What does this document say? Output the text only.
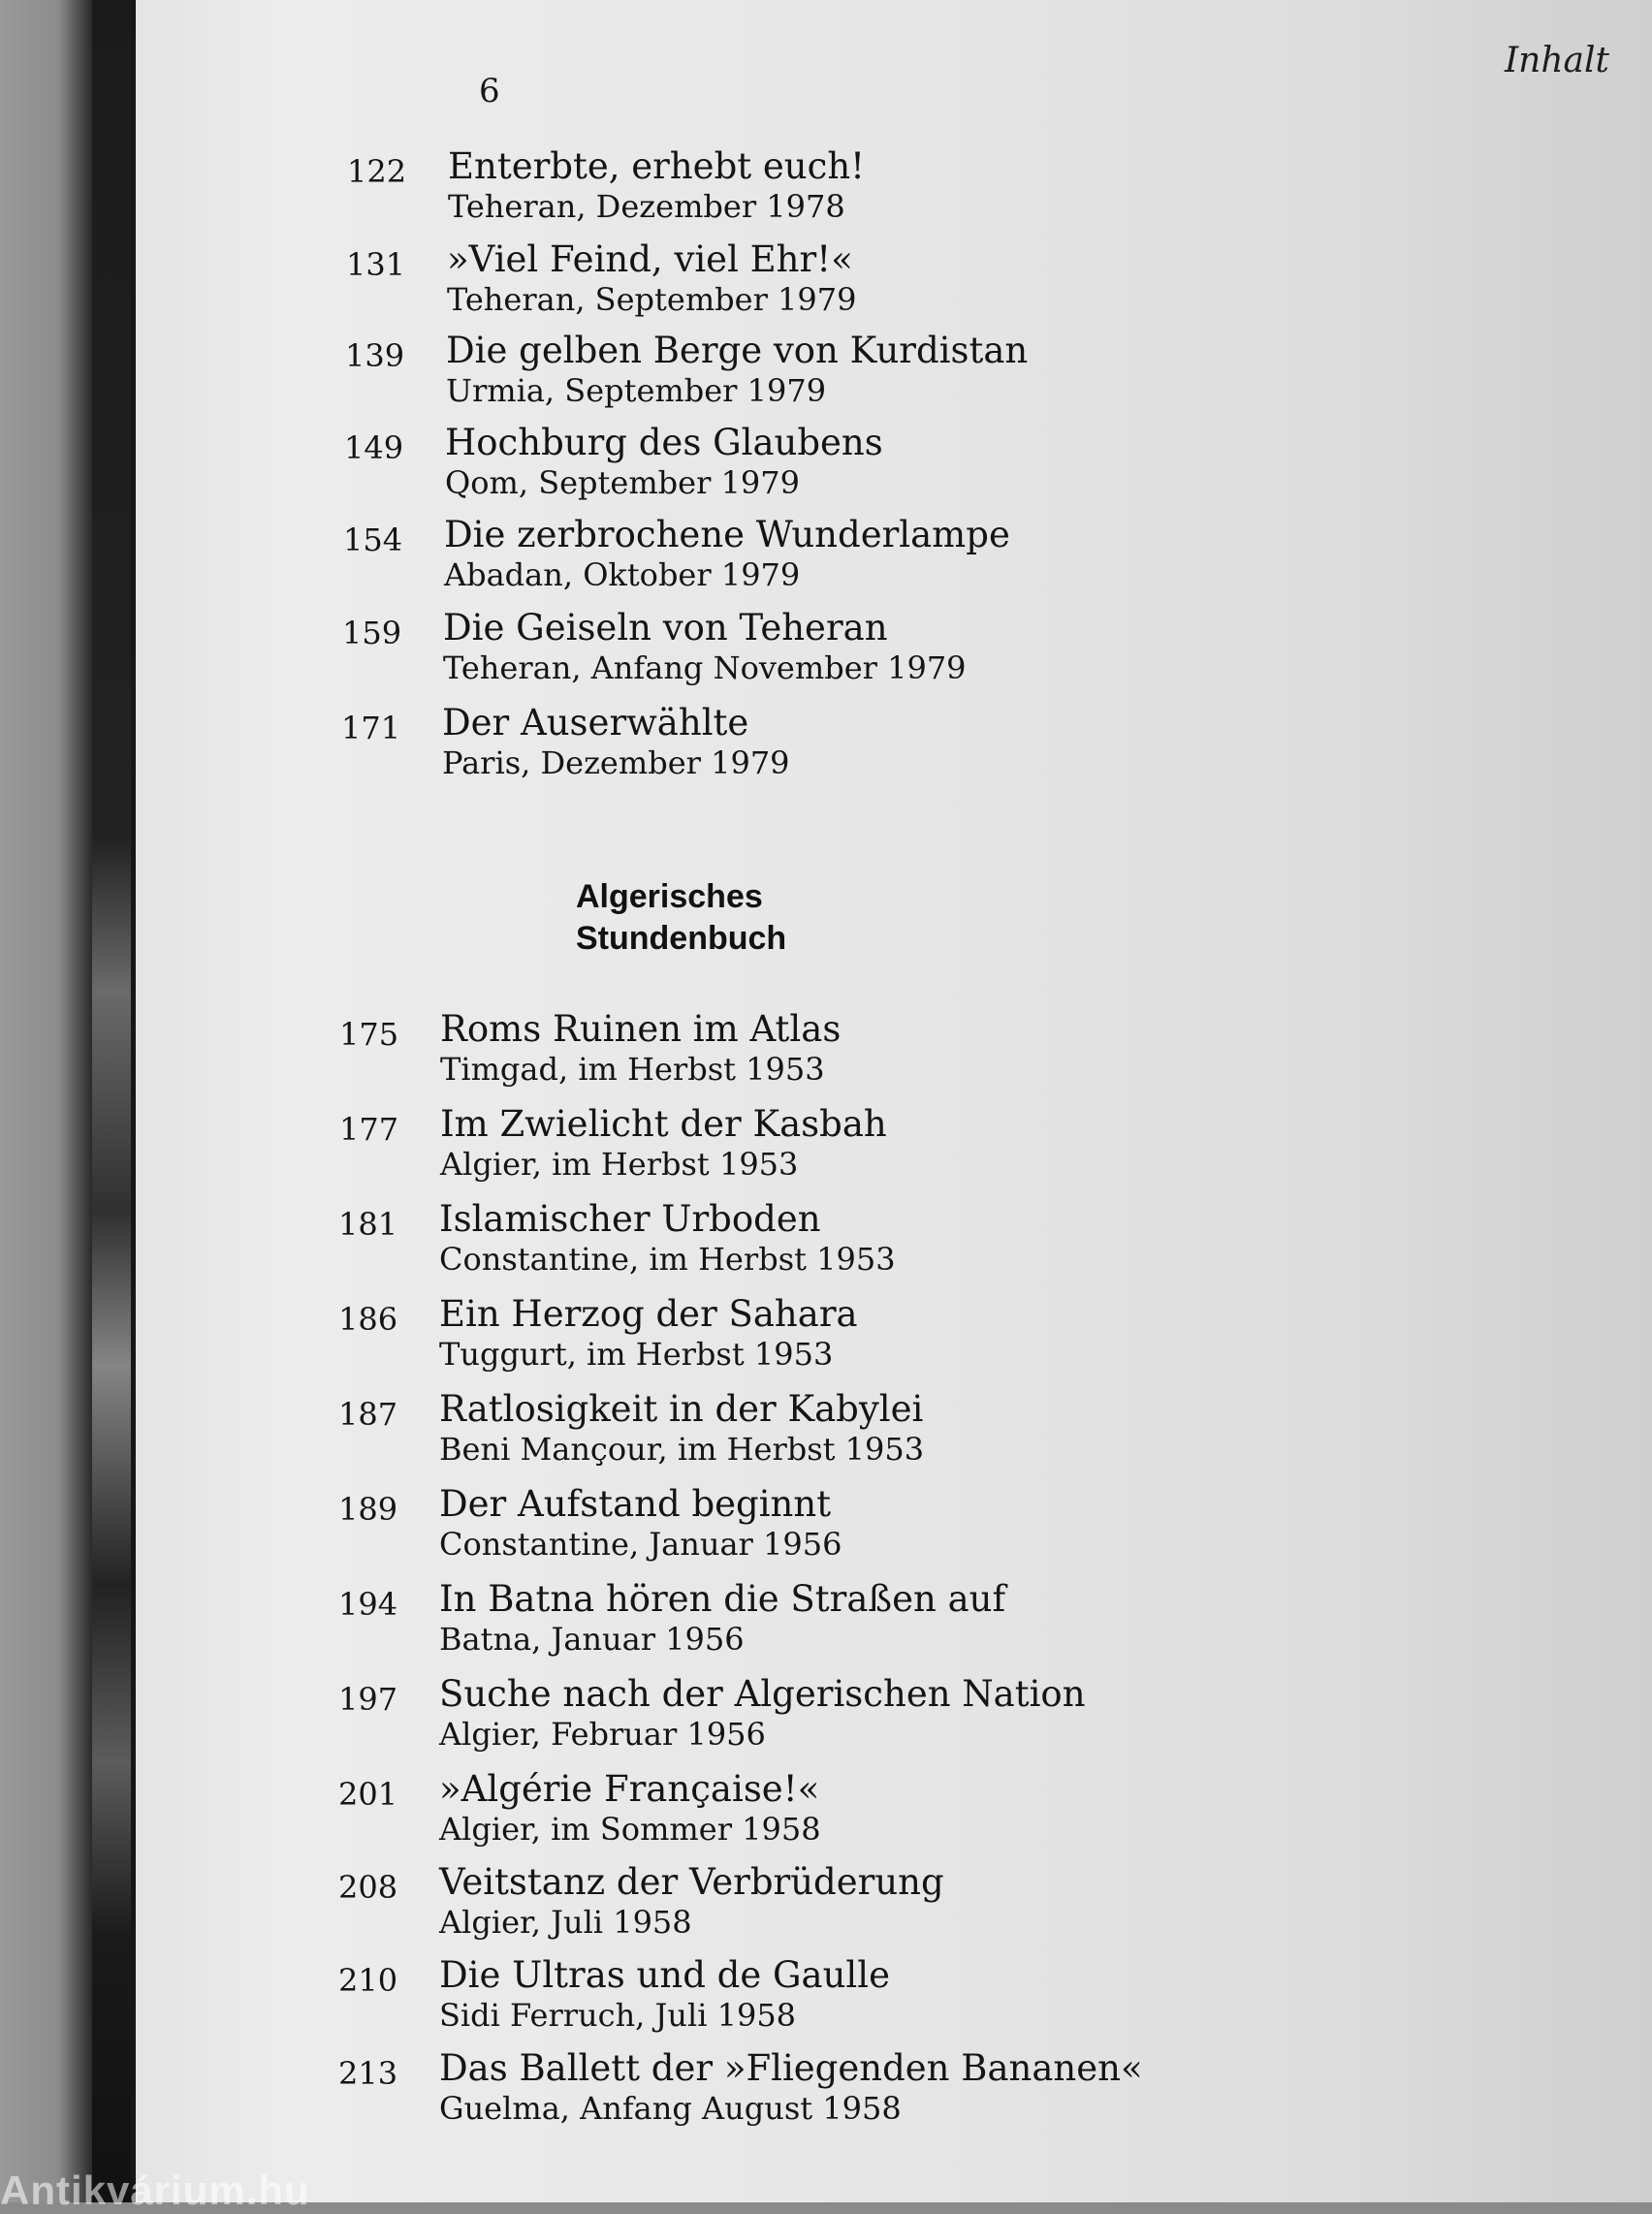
6
Inhalt
122 Enterbte, erhebt euch!
Teheran, Dezember 1978
131 »Viel Feind, viel Ehr!«
Teheran, September 1979
139 Die gelben Berge von Kurdistan
Urmia, September 1979
149 Hochburg des Glaubens
Qom, September 1979
154 Die zerbrochene Wunderlampe
Abadan, Oktober 1979
159 Die Geiseln von Teheran
Teheran, Anfang November 1979
171 Der Auserwählte
Paris, Dezember 1979
Algerisches
Stundenbuch
175 Roms Ruinen im Atlas
Timgad, im Herbst 1953
177 Im Zwielicht der Kasbah
Algier, im Herbst 1953
181 Islamischer Urboden
Constantine, im Herbst 1953
186 Ein Herzog der Sahara
Tuggurt, im Herbst 1953
187 Ratlosigkeit in der Kabylei
Beni Mançour, im Herbst 1953
189 Der Aufstand beginnt
Constantine, Januar 1956
194 In Batna hören die Straßen auf
Batna, Januar 1956
197 Suche nach der Algerischen Nation
Algier, Februar 1956
201 »Algérie Française!«
Algier, im Sommer 1958
208 Veitstanz der Verbrüderung
Algier, Juli 1958
210 Die Ultras und de Gaulle
Sidi Ferruch, Juli 1958
213 Das Ballett der »Fliegenden Bananen«
Guelma, Anfang August 1958
Antikvárium.hu
